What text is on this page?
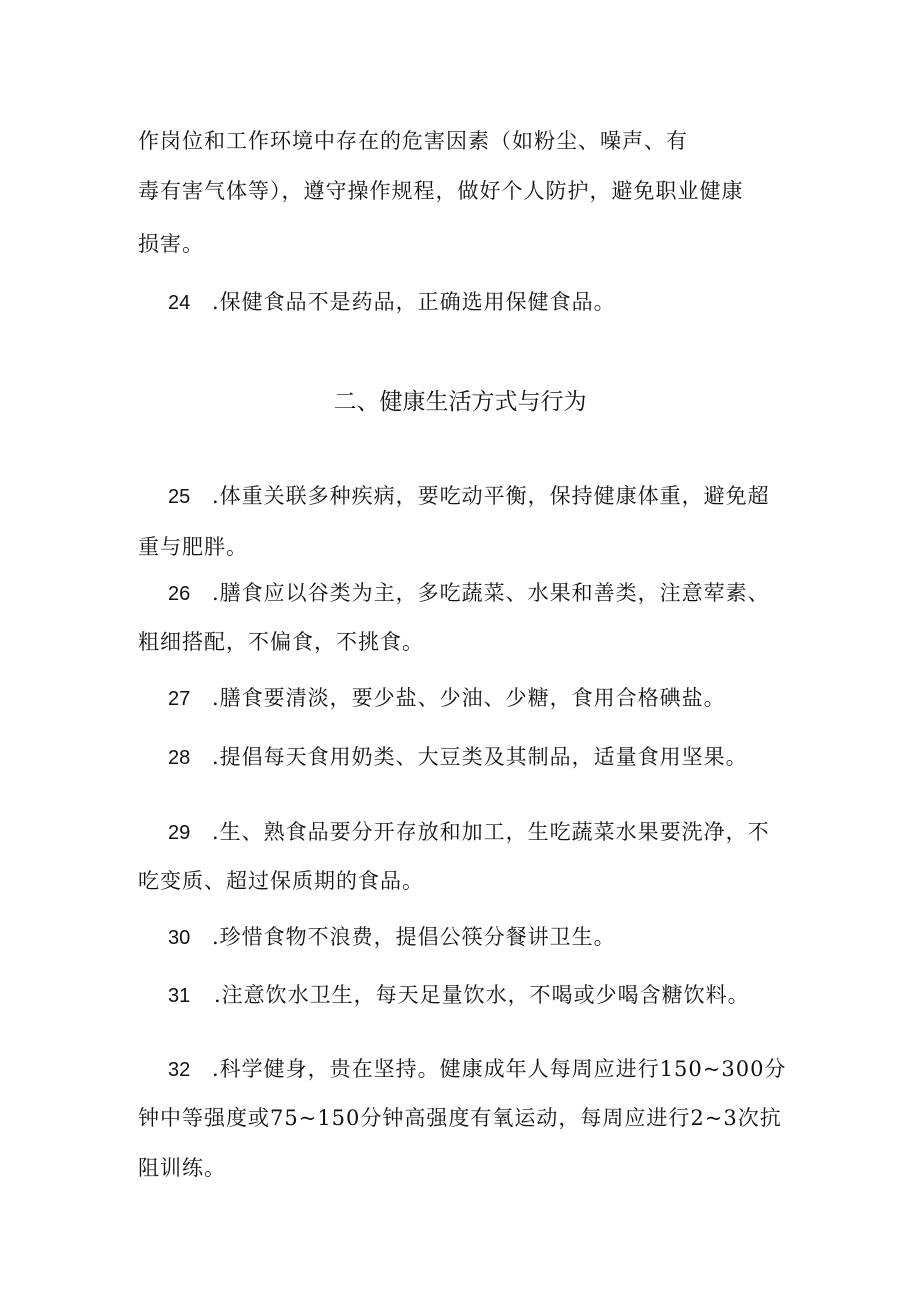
作岗位和工作环境中存在的危害因素（如粉尘、噪声、有
毒有害气体等），遵守操作规程，做好个人防护，避免职业健康
损害。
24 .保健食品不是药品，正确选用保健食品。
二、健康生活方式与行为
25 .体重关联多种疾病，要吃动平衡，保持健康体重，避免超
重与肥胖。
26 .膳食应以谷类为主，多吃蔬菜、水果和善类，注意荤素、
粗细搭配，不偏食，不挑食。
27 .膳食要清淡，要少盐、少油、少糖，食用合格碘盐。
28 .提倡每天食用奶类、大豆类及其制品，适量食用坚果。
29 .生、熟食品要分开存放和加工，生吃蔬菜水果要洗净，不
吃变质、超过保质期的食品。
30 .珍惜食物不浪费，提倡公筷分餐讲卫生。
31 .注意饮水卫生，每天足量饮水，不喝或少喝含糖饮料。
32 .科学健身，贵在坚持。健康成年人每周应进行150~300分
钟中等强度或75~150分钟高强度有氧运动，每周应进行2~3次抗
阻训练。
